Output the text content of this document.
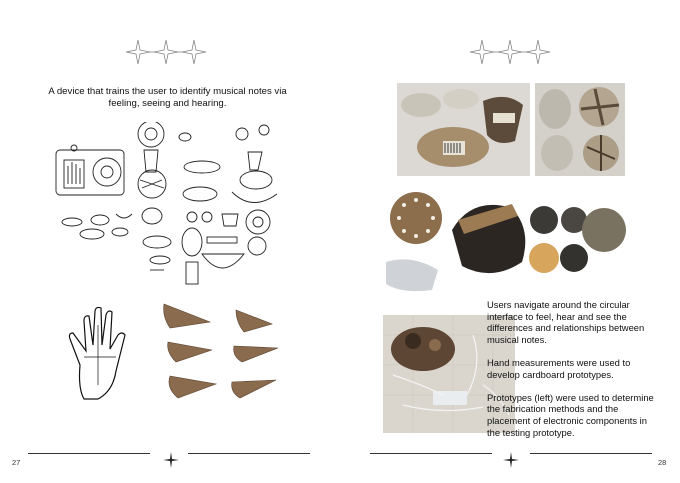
A device that trains the user to identify musical notes via feeling, seeing and hearing.
27

Users navigate around the circular interface to feel, hear and see the differences and relationships between musical notes.

Hand measurements were used to develop cardboard prototypes.

Prototypes (left) were used to determine the fabrication methods and the placement of electronic components in the testing prototype.

28
